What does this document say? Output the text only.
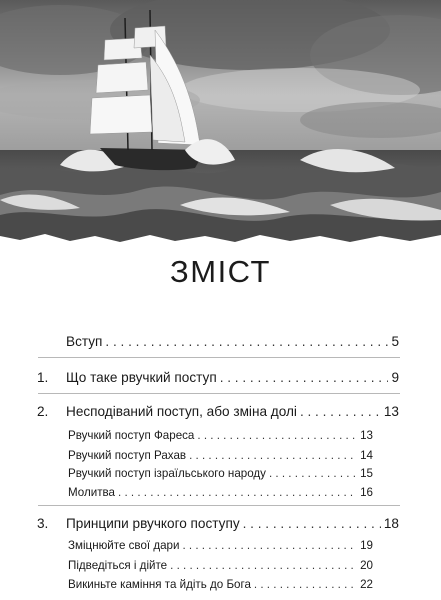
ЗМІСТ
Вступ . . .	5
1.	Що таке рвучкий поступ . . .	9
2.	Несподіваний поступ, або зміна долі . . .	13
Рвучкий поступ Фареса . . .	13
Рвучкий поступ Рахав . . .	14
Рвучкий поступ ізраїльського народу . . .	15
Молитва . . .	16
3.	Принципи рвучкого поступу . . .	18
Зміцнюйте свої дари . . .	19
Підведіться і дійте . . .	20
Викиньте каміння та йдіть до Бога . . .	22
